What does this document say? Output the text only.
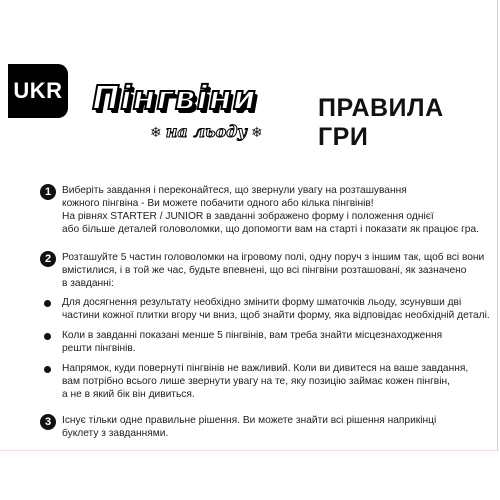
UKR Пінгвіни
❄ на льоду ❄
ПРАВИЛА ГРИ
1	Виберіть завдання і переконайтеся, що звернули увагу на розташування
кожного пінгвіна - Ви можете побачити одного або кілька пінгвінів!
На рівнях STARTER / JUNIOR в завданні зображено форму і положення однієї
або більше деталей головоломки, що допомогти вам на старті і показати як працює гра.
2	Розташуйте 5 частин головоломки на ігровому полі, одну поруч з іншим так, щоб всі вони
вмістилися, і в той же час, будьте впевнені, що всі пінгвіни розташовані, як зазначено
в завданні:
Для досягнення результату необхідно змінити форму шматочків льоду, зсунувши дві
частини кожної плитки вгору чи вниз, щоб знайти форму, яка відповідає необхідній деталі.
Коли в завданні показані менше 5 пінгвінів, вам треба знайти місцезнаходження
решти пінгвінів.
Напрямок, куди повернуті пінгвінів не важливий. Коли ви дивитеся на ваше завдання,
вам потрібно всього лише звернути увагу на те, яку позицію займає кожен пінгвін,
а не в який бік він дивиться.
3	Існує тільки одне правильне рішення. Ви можете знайти всі рішення наприкінці
буклету з завданнями.
